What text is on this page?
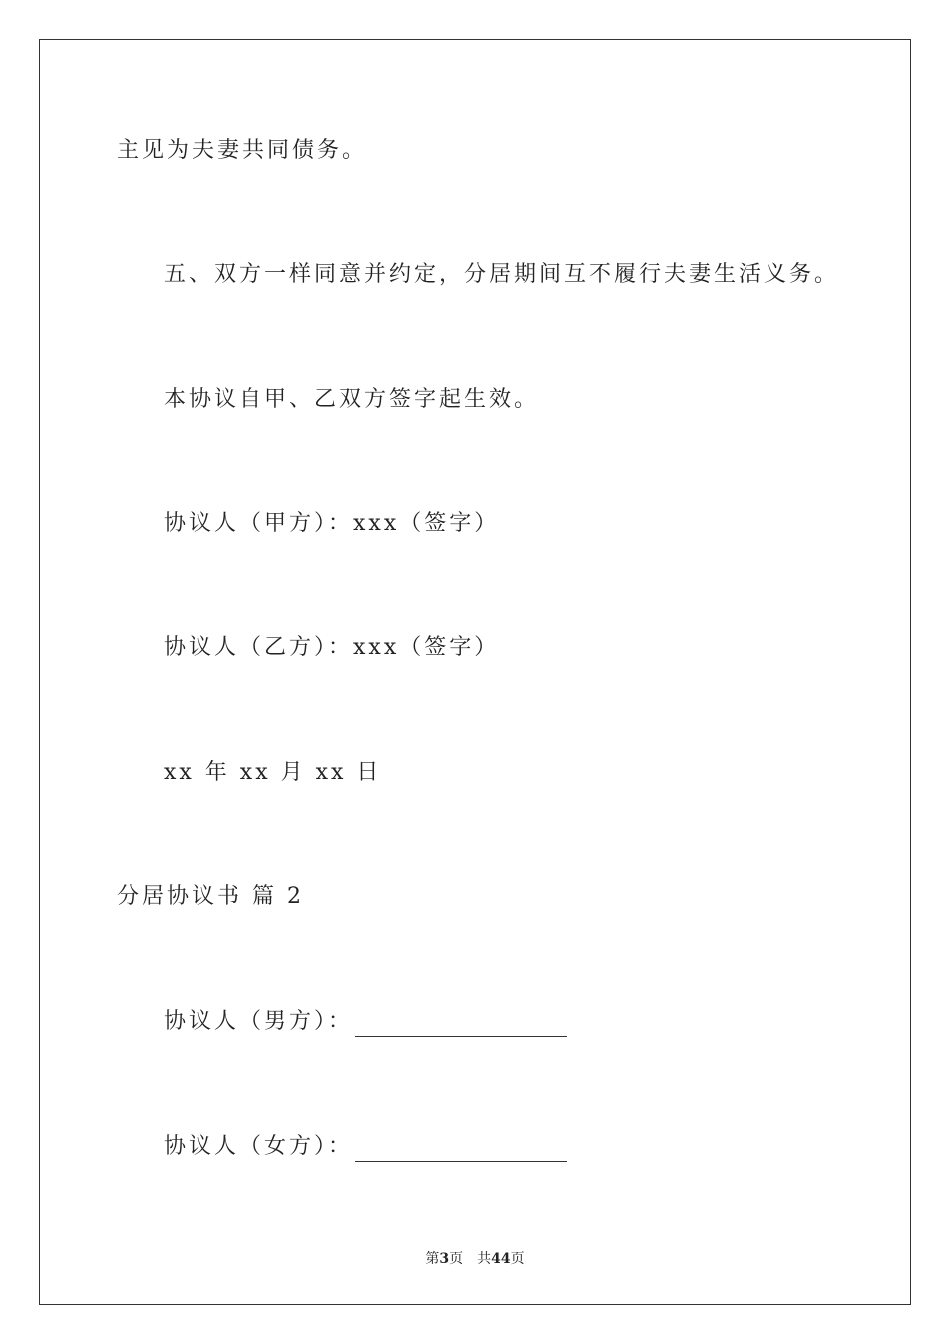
主见为夫妻共同债务。
五、双方一样同意并约定，分居期间互不履行夫妻生活义务。
本协议自甲、乙双方签字起生效。
协议人（甲方）：xxx（签字）
协议人（乙方）：xxx（签字）
xx 年 xx 月 xx 日
分居协议书 篇 2
协议人（男方）：
协议人（女方）：
第3页 共44页
